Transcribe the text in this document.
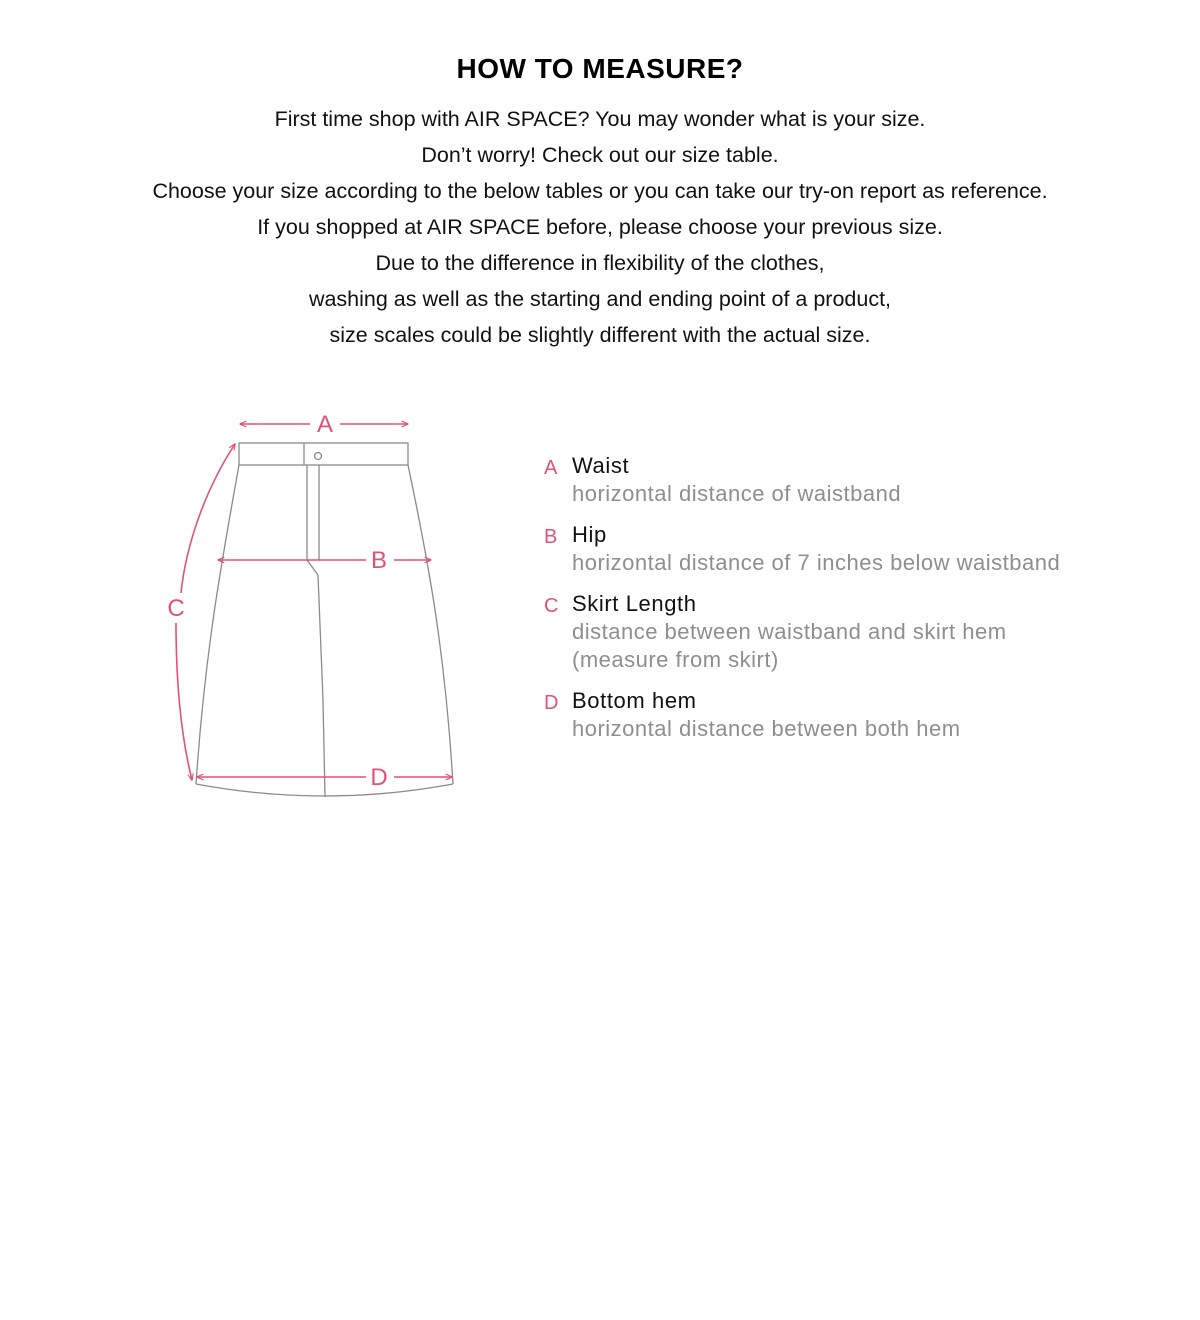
HOW TO MEASURE?
First time shop with AIR SPACE? You may wonder what is your size.
Don’t worry! Check out our size table.
Choose your size according to the below tables or you can take our try-on report as reference.
If you shopped at AIR SPACE before, please choose your previous size.
Due to the difference in flexibility of the clothes,
washing as well as the starting and ending point of a product,
size scales could be slightly different with the actual size.
A
B
C
D
A Waist
horizontal distance of waistband
B Hip
horizontal distance of 7 inches below waistband
C Skirt Length
distance between waistband and skirt hem
(measure from skirt)
D Bottom hem
horizontal distance between both hem
